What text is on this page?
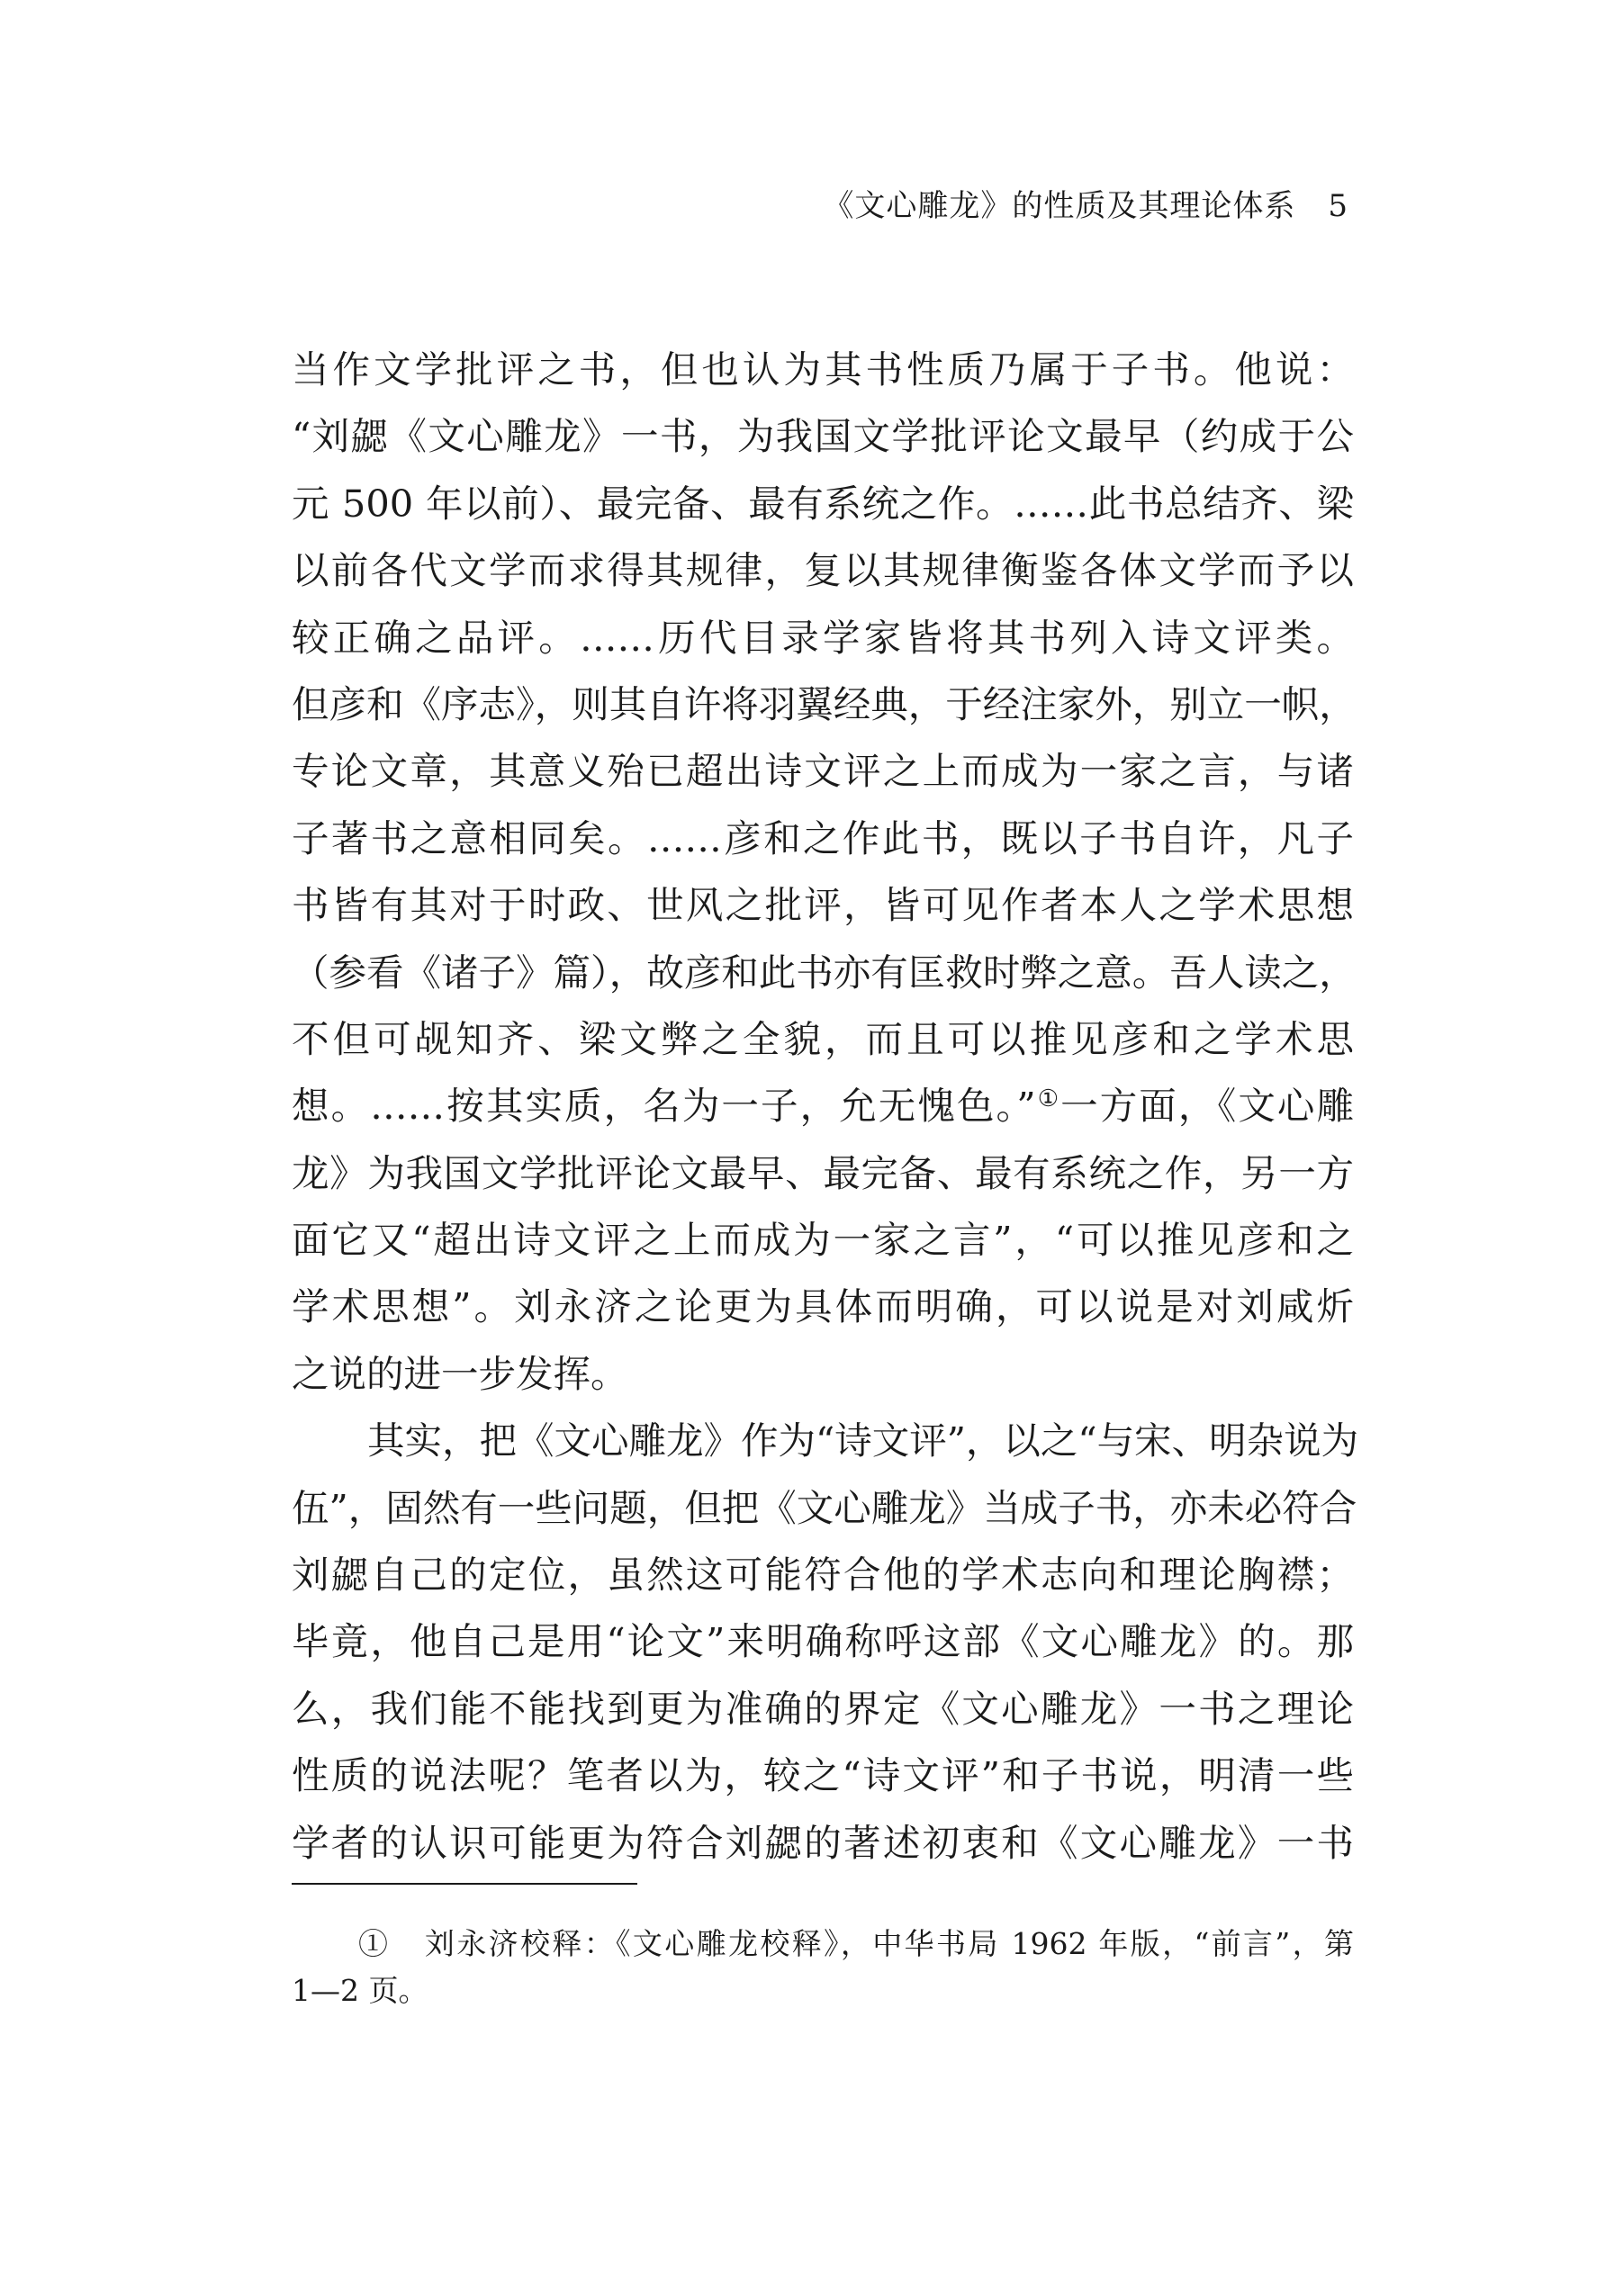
《文心雕龙》的性质及其理论体系 5
当作文学批评之书，但也认为其书性质乃属于子书。他说：
“刘勰《文心雕龙》一书，为我国文学批评论文最早（约成于公
元 500 年以前）、最完备、最有系统之作。……此书总结齐、梁
以前各代文学而求得其规律，复以其规律衡鉴各体文学而予以
较正确之品评。……历代目录学家皆将其书列入诗文评类。
但彦和《序志》，则其自许将羽翼经典，于经注家外，别立一帜，
专论文章，其意义殆已超出诗文评之上而成为一家之言，与诸
子著书之意相同矣。……彦和之作此书，既以子书自许，凡子
书皆有其对于时政、世风之批评，皆可见作者本人之学术思想
（参看《诸子》篇），故彦和此书亦有匡救时弊之意。吾人读之，
不但可觇知齐、梁文弊之全貌，而且可以推见彦和之学术思
想。……按其实质，名为一子，允无愧色。”①一方面，《文心雕
龙》为我国文学批评论文最早、最完备、最有系统之作，另一方
面它又“超出诗文评之上而成为一家之言”，“可以推见彦和之
学术思想”。刘永济之论更为具体而明确，可以说是对刘咸炘
之说的进一步发挥。
其实，把《文心雕龙》作为“诗文评”，以之“与宋、明杂说为
伍”，固然有一些问题，但把《文心雕龙》当成子书，亦未必符合
刘勰自己的定位，虽然这可能符合他的学术志向和理论胸襟；
毕竟，他自己是用“论文”来明确称呼这部《文心雕龙》的。那
么，我们能不能找到更为准确的界定《文心雕龙》一书之理论
性质的说法呢？笔者以为，较之“诗文评”和子书说，明清一些
学者的认识可能更为符合刘勰的著述初衷和《文心雕龙》一书
① 刘永济校释：《文心雕龙校释》，中华书局 1962 年版，“前言”，第
1—2 页。
